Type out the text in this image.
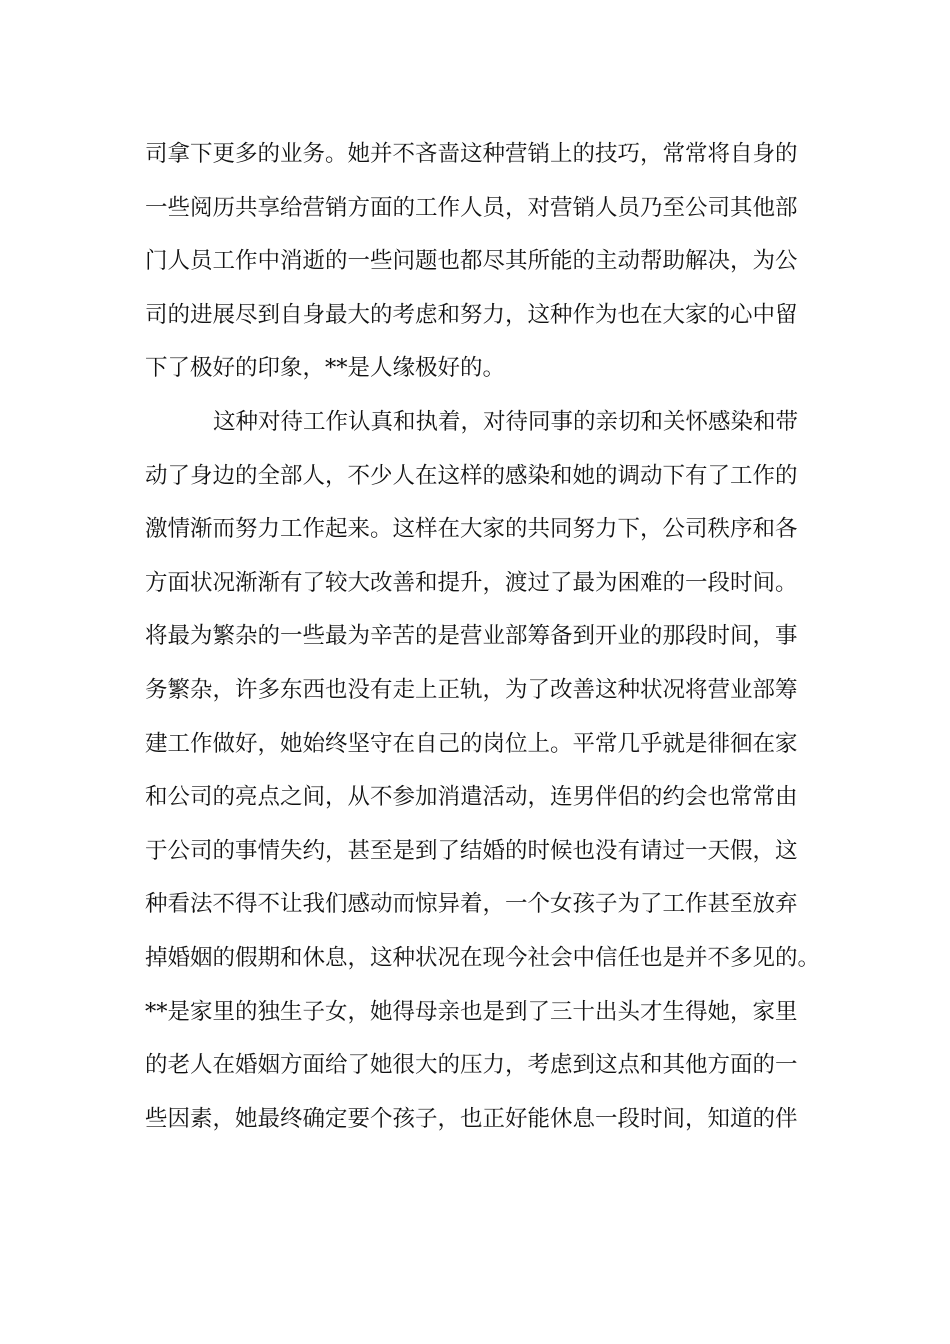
司拿下更多的业务。她并不吝啬这种营销上的技巧，常常将自身的
一些阅历共享给营销方面的工作人员，对营销人员乃至公司其他部
门人员工作中消逝的一些问题也都尽其所能的主动帮助解决，为公
司的进展尽到自身最大的考虑和努力，这种作为也在大家的心中留
下了极好的印象，**是人缘极好的。
这种对待工作认真和执着，对待同事的亲切和关怀感染和带
动了身边的全部人，不少人在这样的感染和她的调动下有了工作的
激情渐而努力工作起来。这样在大家的共同努力下，公司秩序和各
方面状况渐渐有了较大改善和提升，渡过了最为困难的一段时间。
将最为繁杂的一些最为辛苦的是营业部筹备到开业的那段时间，事
务繁杂，许多东西也没有走上正轨，为了改善这种状况将营业部筹
建工作做好，她始终坚守在自己的岗位上。平常几乎就是徘徊在家
和公司的亮点之间，从不参加消遣活动，连男伴侣的约会也常常由
于公司的事情失约，甚至是到了结婚的时候也没有请过一天假，这
种看法不得不让我们感动而惊异着，一个女孩子为了工作甚至放弃
掉婚姻的假期和休息，这种状况在现今社会中信任也是并不多见的。
**是家里的独生子女，她得母亲也是到了三十出头才生得她，家里
的老人在婚姻方面给了她很大的压力，考虑到这点和其他方面的一
些因素，她最终确定要个孩子，也正好能休息一段时间，知道的伴
